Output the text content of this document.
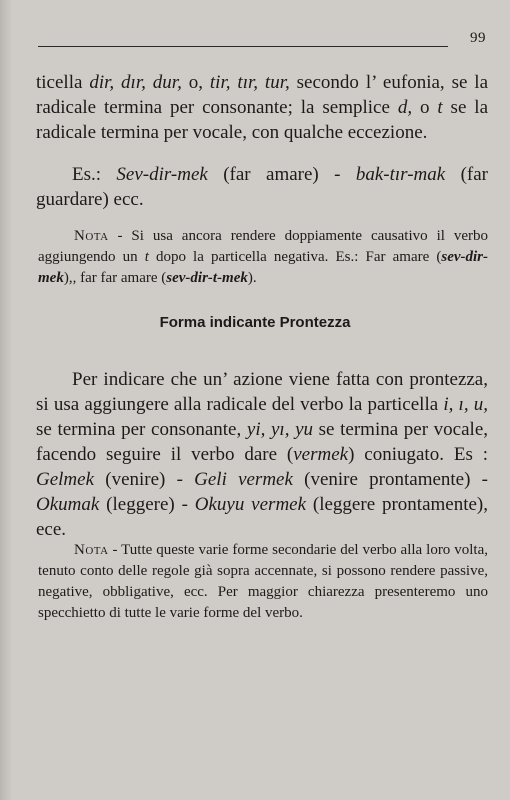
99

ticella dir, dır, dur, o, tir, tır, tur, secondo l’ eufonia, se la radicale termina per consonante; la semplice d, o t se la radicale termina per vocale, con qualche eccezione.

Es.: Sev-dir-mek (far amare) - bak-tır-mak (far guardare) ecc.

Nota - Si usa ancora rendere doppiamente causativo il verbo aggiungendo un t dopo la particella negativa. Es.: Far amare (sev-dir-mek),, far far amare (sev-dir-t-mek).

Forma indicante Prontezza

Per indicare che un’ azione viene fatta con prontezza, si usa aggiungere alla radicale del verbo la particella i, ı, u, se termina per consonante, yi, yı, yu se termina per vocale, facendo seguire il verbo dare (vermek) coniugato. Es : Gelmek (venire) - Geli vermek (venire prontamente) - Okumak (leggere) - Okuyu vermek (leggere prontamente), ece.

Nota - Tutte queste varie forme secondarie del verbo alla loro volta, tenuto conto delle regole già sopra accennate, si possono rendere passive, negative, obbligative, ecc. Per maggior chiarezza presenteremo uno specchietto di tutte le varie forme del verbo.
